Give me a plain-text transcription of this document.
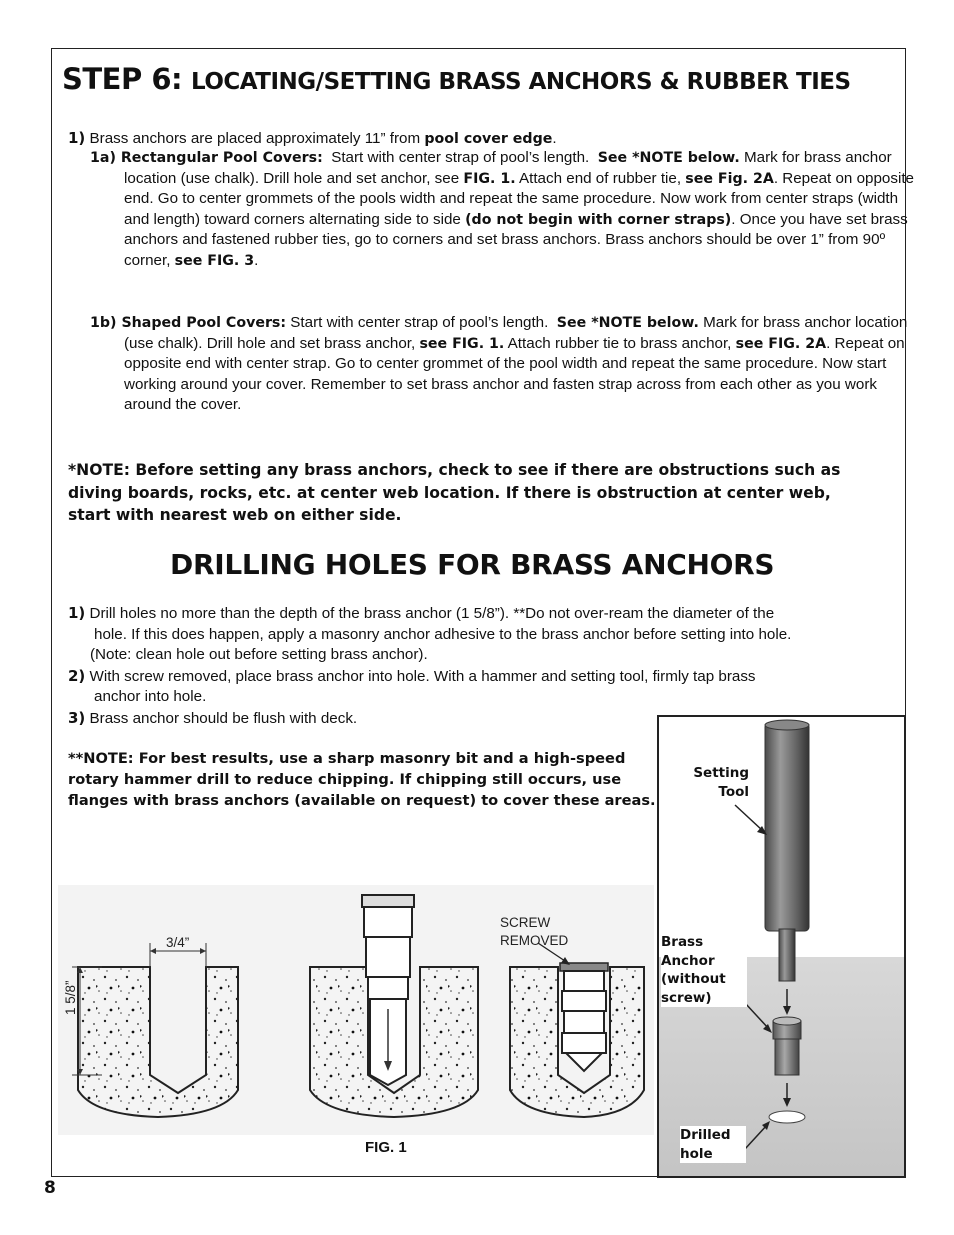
STEP 6: LOCATING/SETTING BRASS ANCHORS & RUBBER TIES
1) Brass anchors are placed approximately 11” from pool cover edge.
1a) Rectangular Pool Covers: Start with center strap of pool’s length. See *NOTE below. Mark for brass anchor location (use chalk). Drill hole and set anchor, see FIG. 1. Attach end of rubber tie, see Fig. 2A. Repeat on opposite end. Go to center grommets of the pools width and repeat the same procedure. Now work from center straps (width and length) toward corners alternating side to side (do not begin with corner straps). Once you have set brass anchors and fastened rubber ties, go to corners and set brass anchors. Brass anchors should be over 1” from 90º corner, see FIG. 3.
1b) Shaped Pool Covers: Start with center strap of pool’s length. See *NOTE below. Mark for brass anchor location (use chalk). Drill hole and set brass anchor, see FIG. 1. Attach rubber tie to brass anchor, see FIG. 2A. Repeat on opposite end with center strap. Go to center grommet of the pool width and repeat the same procedure. Now start working around your cover. Remember to set brass anchor and fasten strap across from each other as you work around the cover.
*NOTE: Before setting any brass anchors, check to see if there are obstructions such as diving boards, rocks, etc. at center web location. If there is obstruction at center web, start with nearest web on either side.
DRILLING HOLES FOR BRASS ANCHORS

1) Drill holes no more than the depth of the brass anchor (1 5/8”). **Do not over-ream the diameter of the

hole. If this does happen, apply a masonry anchor adhesive to the brass anchor before setting into hole.

(Note: clean hole out before setting brass anchor).

2) With screw removed, place brass anchor into hole. With a hammer and setting tool, firmly tap brass

anchor into hole.

3) Brass anchor should be flush with deck.

**NOTE: For best results, use a sharp masonry bit and a high-speed rotary hammer drill to reduce chipping. If chipping still occurs, use flanges with brass anchors (available on request) to cover these areas.
3/4”
1 5/8”
SCREW
REMOVED
FIG. 1
Setting
Tool
Brass
Anchor
(without
screw)
Drilled
hole
8
